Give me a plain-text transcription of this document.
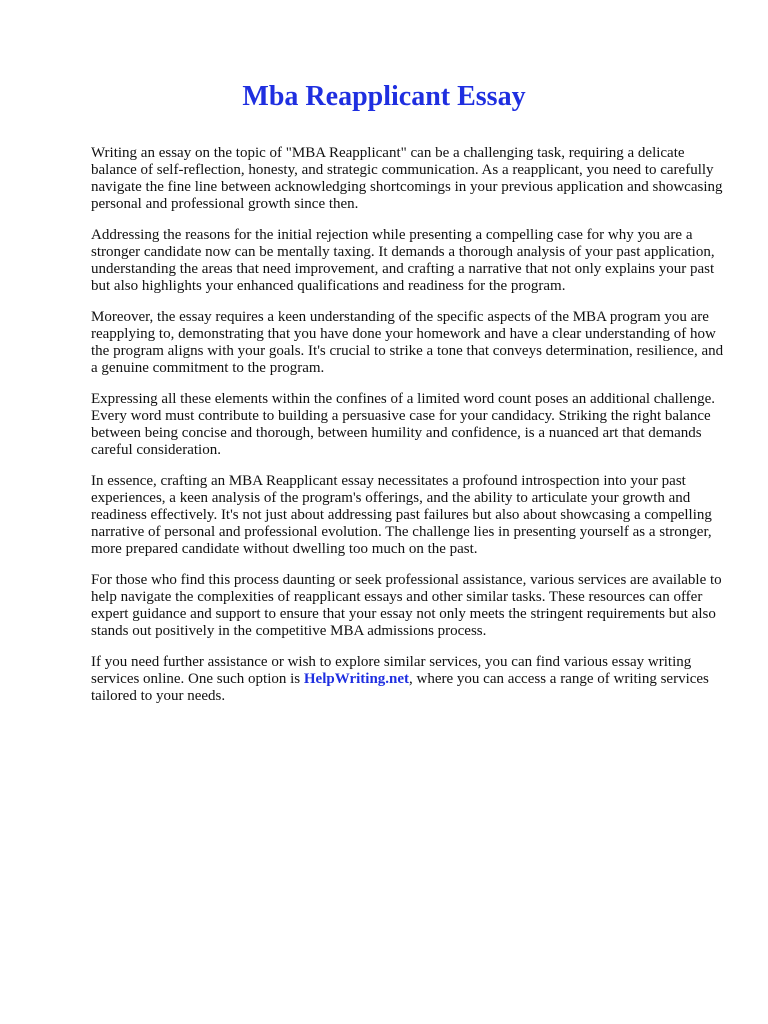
Mba Reapplicant Essay

Writing an essay on the topic of "MBA Reapplicant" can be a challenging task, requiring a delicate balance of self-reflection, honesty, and strategic communication. As a reapplicant, you need to carefully navigate the fine line between acknowledging shortcomings in your previous application and showcasing personal and professional growth since then.

Addressing the reasons for the initial rejection while presenting a compelling case for why you are a stronger candidate now can be mentally taxing. It demands a thorough analysis of your past application, understanding the areas that need improvement, and crafting a narrative that not only explains your past but also highlights your enhanced qualifications and readiness for the program.

Moreover, the essay requires a keen understanding of the specific aspects of the MBA program you are reapplying to, demonstrating that you have done your homework and have a clear understanding of how the program aligns with your goals. It's crucial to strike a tone that conveys determination, resilience, and a genuine commitment to the program.

Expressing all these elements within the confines of a limited word count poses an additional challenge. Every word must contribute to building a persuasive case for your candidacy. Striking the right balance between being concise and thorough, between humility and confidence, is a nuanced art that demands careful consideration.

In essence, crafting an MBA Reapplicant essay necessitates a profound introspection into your past experiences, a keen analysis of the program's offerings, and the ability to articulate your growth and readiness effectively. It's not just about addressing past failures but also about showcasing a compelling narrative of personal and professional evolution. The challenge lies in presenting yourself as a stronger, more prepared candidate without dwelling too much on the past.

For those who find this process daunting or seek professional assistance, various services are available to help navigate the complexities of reapplicant essays and other similar tasks. These resources can offer expert guidance and support to ensure that your essay not only meets the stringent requirements but also stands out positively in the competitive MBA admissions process.

If you need further assistance or wish to explore similar services, you can find various essay writing services online. One such option is HelpWriting.net, where you can access a range of writing services tailored to your needs.
